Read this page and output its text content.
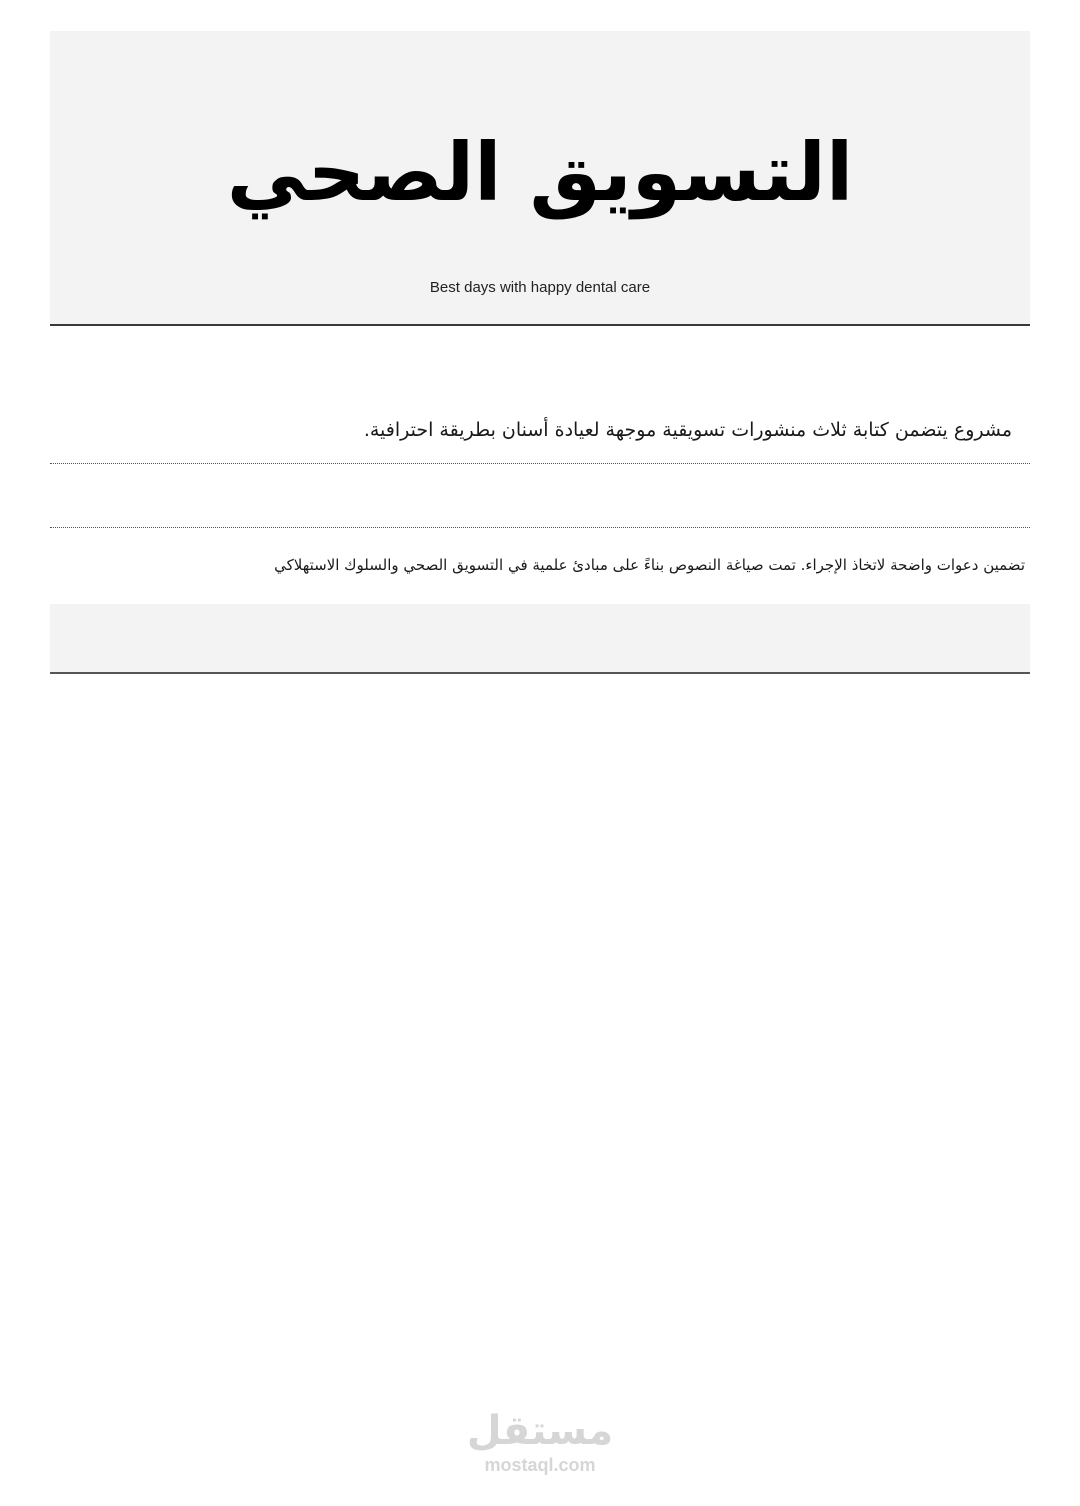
التسويق الصحي
Best days with happy dental care
مشروع يتضمن كتابة ثلاث منشورات تسويقية موجهة لعيادة أسنان بطريقة احترافية.
تضمين دعوات واضحة لاتخاذ الإجراء. تمت صياغة النصوص بناءً على مبادئ علمية في التسويق الصحي والسلوك الاستهلاكي
مستقل
mostaql.com
